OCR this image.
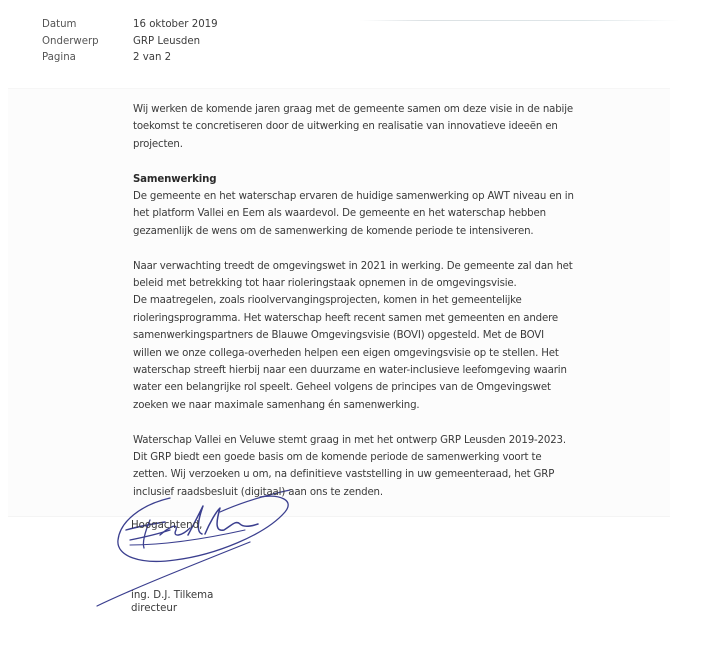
Datum	16 oktober 2019
Onderwerp	GRP Leusden
Pagina	2 van 2

Wij werken de komende jaren graag met de gemeente samen om deze visie in de nabije
toekomst te concretiseren door de uitwerking en realisatie van innovatieve ideeën en
projecten.

Samenwerking
De gemeente en het waterschap ervaren de huidige samenwerking op AWT niveau en in
het platform Vallei en Eem als waardevol. De gemeente en het waterschap hebben
gezamenlijk de wens om de samenwerking de komende periode te intensiveren.

Naar verwachting treedt de omgevingswet in 2021 in werking. De gemeente zal dan het
beleid met betrekking tot haar rioleringstaak opnemen in de omgevingsvisie.
De maatregelen, zoals rioolvervangingsprojecten, komen in het gemeentelijke
rioleringsprogramma. Het waterschap heeft recent samen met gemeenten en andere
samenwerkingspartners de Blauwe Omgevingsvisie (BOVI) opgesteld. Met de BOVI
willen we onze collega-overheden helpen een eigen omgevingsvisie op te stellen. Het
waterschap streeft hierbij naar een duurzame en water-inclusieve leefomgeving waarin
water een belangrijke rol speelt. Geheel volgens de principes van de Omgevingswet
zoeken we naar maximale samenhang én samenwerking.

Waterschap Vallei en Veluwe stemt graag in met het ontwerp GRP Leusden 2019-2023.
Dit GRP biedt een goede basis om de komende periode de samenwerking voort te
zetten. Wij verzoeken u om, na definitieve vaststelling in uw gemeenteraad, het GRP
inclusief raadsbesluit (digitaal) aan ons te zenden.

Hoogachtend,
ing. D.J. Tilkema
directeur
